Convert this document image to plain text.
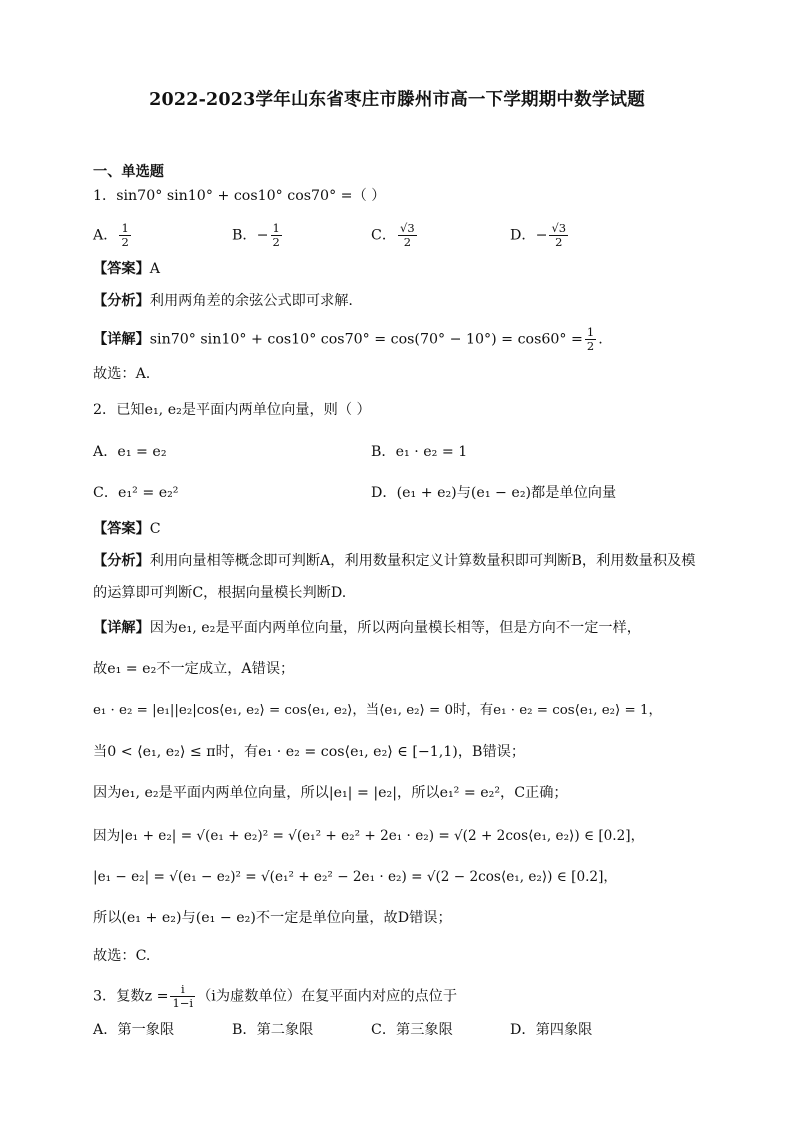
2022-2023学年山东省枣庄市滕州市高一下学期期中数学试题
一、单选题
1．sin70° sin10° + cos10° cos70° =（ ）
A． $\frac{1}{2}$	B．− $\frac{1}{2}$	C． $\frac{√3}{2}$	D．− $\frac{√3}{2}$
【答案】A
【分析】利用两角差的余弦公式即可求解.
【详解】sin70° sin10° + cos10° $\cos 70^\circ = \cos(70^\circ - 10^\circ) = \cos 60^\circ = \frac{1}{2}$ .
故选：A.
2．已知e₁, e₂是平面内两单位向量，则（ ）
A．e₁ = e₂	B．e₁ · e₂ = 1
C．e₁² = e₂²	D．(e₁ + e₂)与(e₁ − e₂)都是单位向量
【答案】C
【分析】利用向量相等概念即可判断A，利用数量积定义计算数量积即可判断B，利用数量积及模
的运算即可判断C，根据向量模长判断D.
【详解】因为e₁, e₂是平面内两单位向量，所以两向量模长相等，但是方向不一定一样，
故e₁ = e₂不一定成立，A错误；
e₁ · e₂ = |e₁||e₂|cos⟨e₁, e₂⟩ = cos⟨e₁, e₂⟩，当⟨e₁, e₂⟩ = 0时，有e₁ · e₂ = cos⟨e₁, e₂⟩ = 1，
当0 < ⟨e₁, e₂⟩ ≤ π时，有e₁ · e₂ = cos⟨e₁, e₂⟩ ∈ [−1,1)，B错误；
因为e₁, e₂是平面内两单位向量，所以|e₁| = |e₂|，所以e₁² = e₂²，C正确；
因为|e₁ + e₂| = √(e₁ + e₂)² = √(e₁² + e₂² + 2e₁ · e₂) = √(2 + 2cos⟨e₁, e₂⟩) ∈ [0.2]，
|e₁ − e₂| = √(e₁ − e₂)² = √(e₁² + e₂² − 2e₁ · e₂) = √(2 − 2cos⟨e₁, e₂⟩) ∈ [0.2]，
所以(e₁ + e₂)与(e₁ − e₂)不一定是单位向量，故D错误；
故选：C.
3．复数$z = \frac{i}{1-i} (i$为虚数单位）在复平面内对应的点位于
A．第一象限	B．第二象限	C．第三象限	D．第四象限
